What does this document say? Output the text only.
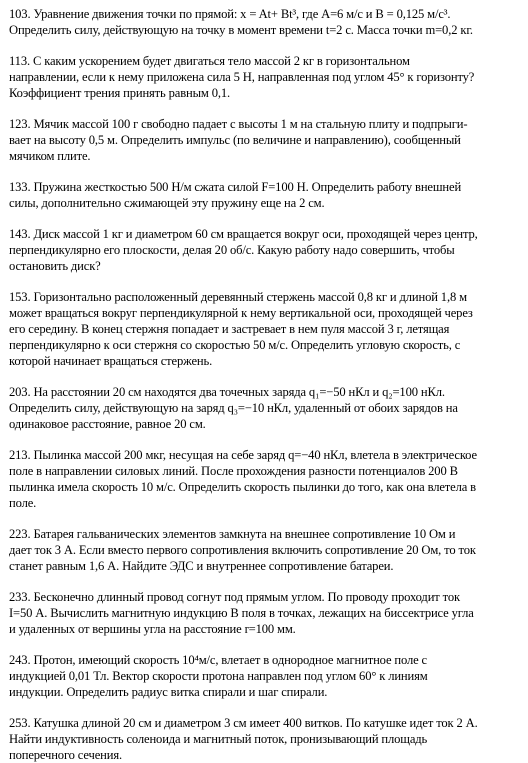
103. Уравнение движения точки по прямой: x = At+ Bt³, где А=6 м/с и В = 0,125 м/с³.
Определить силу, действующую на точку в момент времени t=2 с. Масса точки m=0,2 кг.
113. С каким ускорением будет двигаться тело массой 2 кг в горизонтальном
направлении, если к нему приложена сила 5 Н, направленная под углом 45° к горизонту?
Коэффициент трения принять равным 0,1.
123. Мячик массой 100 г свободно падает с высоты 1 м на стальную плиту и подпрыги-
вает на высоту 0,5 м. Определить импульс (по величине и направлению), сообщенный
мячиком плите.
133. Пружина жесткостью 500 Н/м сжата силой F=100 Н. Определить работу внешней
силы, дополнительно сжимающей эту пружину еще на 2 см.
143. Диск массой 1 кг и диаметром 60 см вращается вокруг оси, проходящей через центр,
перпендикулярно его плоскости, делая 20 об/с. Какую работу надо совершить, чтобы
остановить диск?
153. Горизонтально расположенный деревянный стержень массой 0,8 кг и длиной 1,8 м
может вращаться вокруг перпендикулярной к нему вертикальной оси, проходящей через
его середину. В конец стержня попадает и застревает в нем пуля массой 3 г, летящая
перпендикулярно к оси стержня со скоростью 50 м/с. Определить угловую скорость, с
которой начинает вращаться стержень.
203. На расстоянии 20 см находятся два точечных заряда q₁=−50 нКл и q₂=100 нКл.
Определить силу, действующую на заряд q₃=−10 нКл, удаленный от обоих зарядов на
одинаковое расстояние, равное 20 см.
213. Пылинка массой 200 мкг, несущая на себе заряд q=−40 нКл, влетела в электрическое
поле в направлении силовых линий. После прохождения разности потенциалов 200 В
пылинка имела скорость 10 м/с. Определить скорость пылинки до того, как она влетела в
поле.
223. Батарея гальванических элементов замкнута на внешнее сопротивление 10 Ом и
дает ток 3 А. Если вместо первого сопротивления включить сопротивление 20 Ом, то ток
станет равным 1,6 А. Найдите ЭДС и внутреннее сопротивление батареи.
233. Бесконечно длинный провод согнут под прямым углом. По проводу проходит ток
I=50 А. Вычислить магнитную индукцию В поля в точках, лежащих на биссектрисе угла
и удаленных от вершины угла на расстояние r=100 мм.
243. Протон, имеющий скорость 10⁴м/с, влетает в однородное магнитное поле с
индукцией 0,01 Тл. Вектор скорости протона направлен под углом 60° к линиям
индукции. Определить радиус витка спирали и шаг спирали.
253. Катушка длиной 20 см и диаметром 3 см имеет 400 витков. По катушке идет ток 2 А.
Найти индуктивность соленоида и магнитный поток, пронизывающий площадь
поперечного сечения.
